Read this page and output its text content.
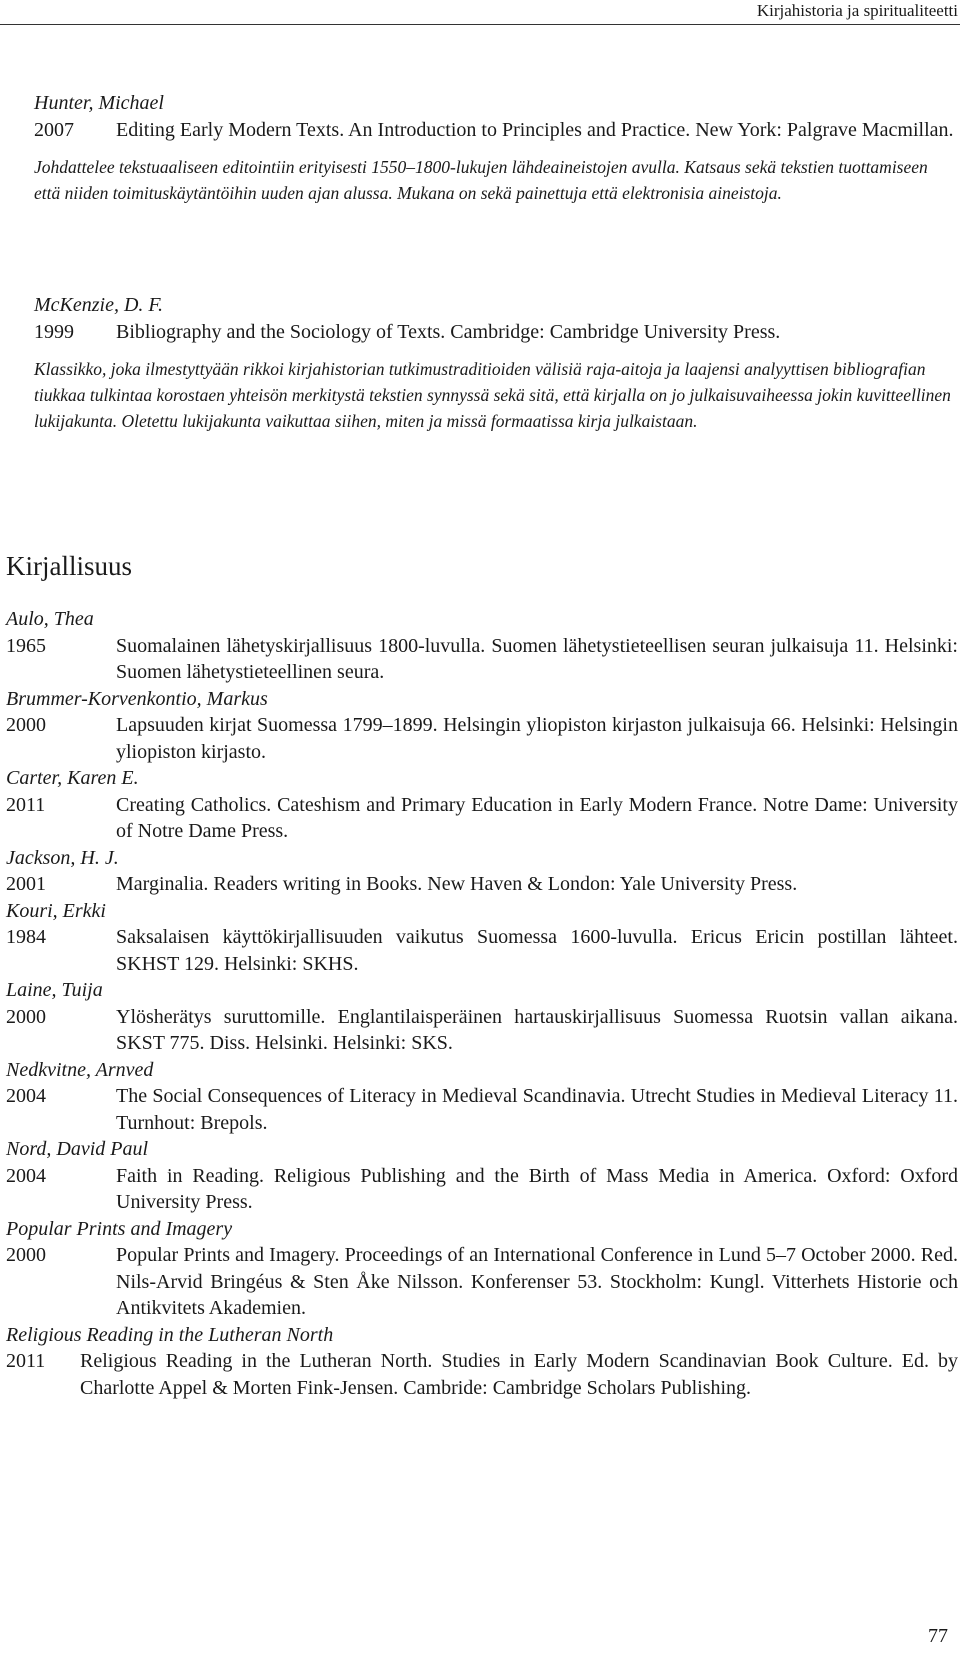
Kirjahistoria ja spiritualiteetti
Hunter, Michael
2007	Editing Early Modern Texts. An Introduction to Principles and Practice. New York: Palgrave Macmillan.
Johdattelee tekstuaaliseen editointiin erityisesti 1550–1800-lukujen lähdeaineistojen avulla. Katsaus sekä tekstien tuottamiseen että niiden toimituskäytäntöihin uuden ajan alussa. Mukana on sekä painettuja että elektronisia aineistoja.
McKenzie, D. F.
1999	Bibliography and the Sociology of Texts. Cambridge: Cambridge University Press.
Klassikko, joka ilmestyttyään rikkoi kirjahistorian tutkimustraditioiden välisiä raja-aitoja ja laajensi analyyttisen bibliografian tiukkaa tulkintaa korostaen yhteisön merkitystä tekstien synnyssä sekä sitä, että kirjalla on jo julkaisuvaiheessa jokin kuvitteellinen lukijakunta. Oletettu lukijakunta vaikuttaa siihen, miten ja missä formaatissa kirja julkaistaan.
Kirjallisuus
Aulo, Thea
1965	Suomalainen lähetyskirjallisuus 1800-luvulla. Suomen lähetystieteellisen seuran julkaisuja 11. Helsinki: Suomen lähetystieteellinen seura.
Brummer-Korvenkontio, Markus
2000	Lapsuuden kirjat Suomessa 1799–1899. Helsingin yliopiston kirjaston julkaisuja 66. Helsinki: Helsingin yliopiston kirjasto.
Carter, Karen E.
2011	Creating Catholics. Cateshism and Primary Education in Early Modern France. Notre Dame: University of Notre Dame Press.
Jackson, H. J.
2001	Marginalia. Readers writing in Books. New Haven & London: Yale University Press.
Kouri, Erkki
1984	Saksalaisen käyttökirjallisuuden vaikutus Suomessa 1600-luvulla. Ericus Ericin postillan lähteet. SKHST 129. Helsinki: SKHS.
Laine, Tuija
2000	Ylösherätys suruttomille. Englantilaisperäinen hartauskirjallisuus Suomessa Ruotsin vallan aikana. SKST 775. Diss. Helsinki. Helsinki: SKS.
Nedkvitne, Arnved
2004	The Social Consequences of Literacy in Medieval Scandinavia. Utrecht Studies in Medieval Literacy 11. Turnhout: Brepols.
Nord, David Paul
2004	Faith in Reading. Religious Publishing and the Birth of Mass Media in America. Oxford: Oxford University Press.
Popular Prints and Imagery
2000	Popular Prints and Imagery. Proceedings of an International Conference in Lund 5–7 October 2000. Red. Nils-Arvid Bringéus & Sten Åke Nilsson. Konferenser 53. Stockholm: Kungl. Vitterhets Historie och Antikvitets Akademien.
Religious Reading in the Lutheran North
2011	Religious Reading in the Lutheran North. Studies in Early Modern Scandinavian Book Culture. Ed. by Charlotte Appel & Morten Fink-Jensen. Cambride: Cambridge Scholars Publishing.
77
